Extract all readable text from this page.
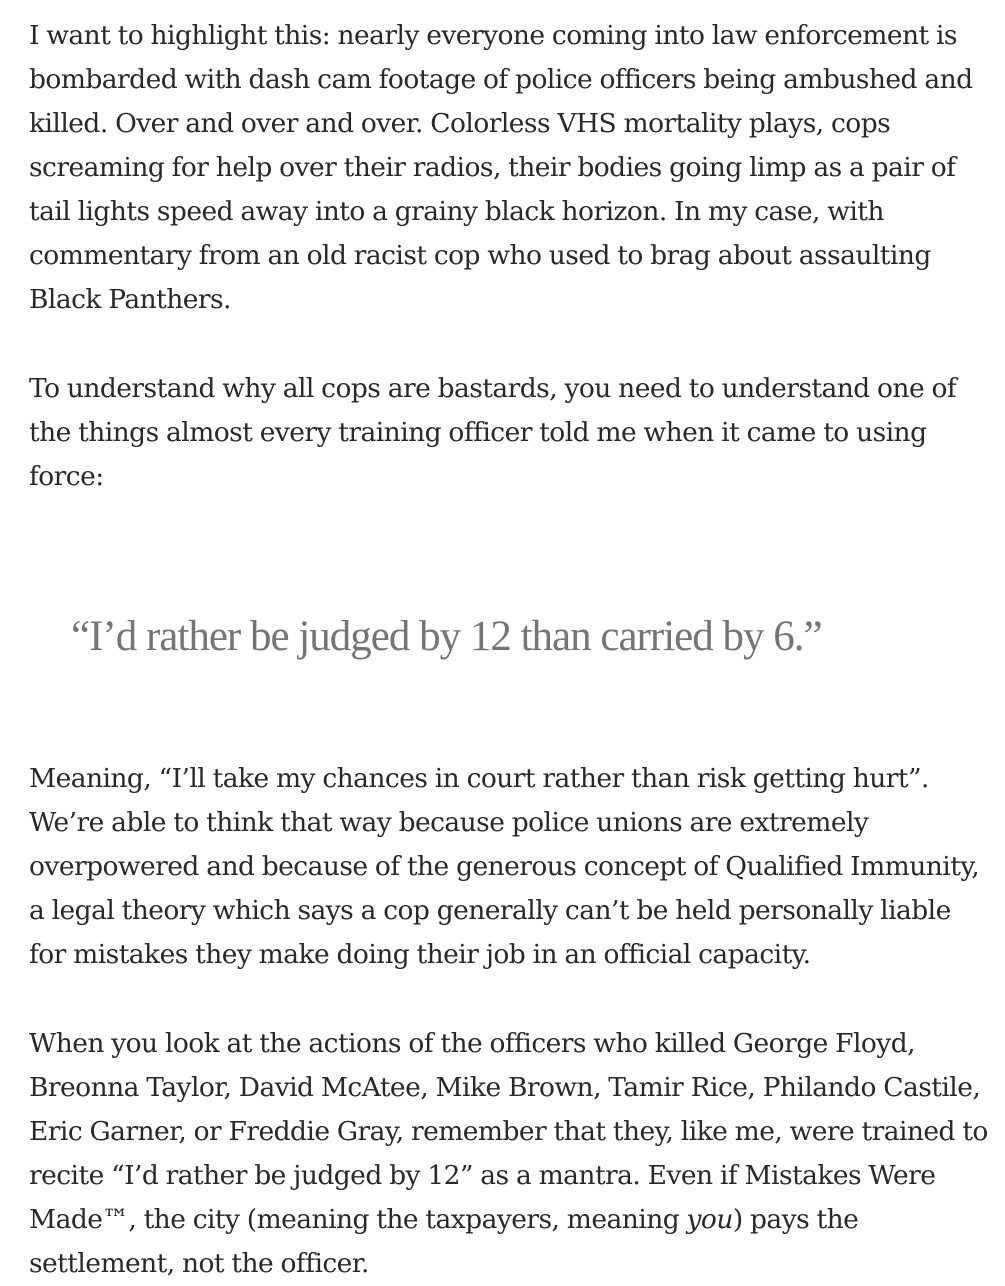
I want to highlight this: nearly everyone coming into law enforcement is bombarded with dash cam footage of police officers being ambushed and killed. Over and over and over. Colorless VHS mortality plays, cops screaming for help over their radios, their bodies going limp as a pair of tail lights speed away into a grainy black horizon. In my case, with commentary from an old racist cop who used to brag about assaulting Black Panthers.

To understand why all cops are bastards, you need to understand one of the things almost every training officer told me when it came to using force:

“I’d rather be judged by 12 than carried by 6.”

Meaning, “I’ll take my chances in court rather than risk getting hurt”. We’re able to think that way because police unions are extremely overpowered and because of the generous concept of Qualified Immunity, a legal theory which says a cop generally can’t be held personally liable for mistakes they make doing their job in an official capacity.

When you look at the actions of the officers who killed George Floyd, Breonna Taylor, David McAtee, Mike Brown, Tamir Rice, Philando Castile, Eric Garner, or Freddie Gray, remember that they, like me, were trained to recite “I’d rather be judged by 12” as a mantra. Even if Mistakes Were Made™, the city (meaning the taxpayers, meaning you) pays the settlement, not the officer.
